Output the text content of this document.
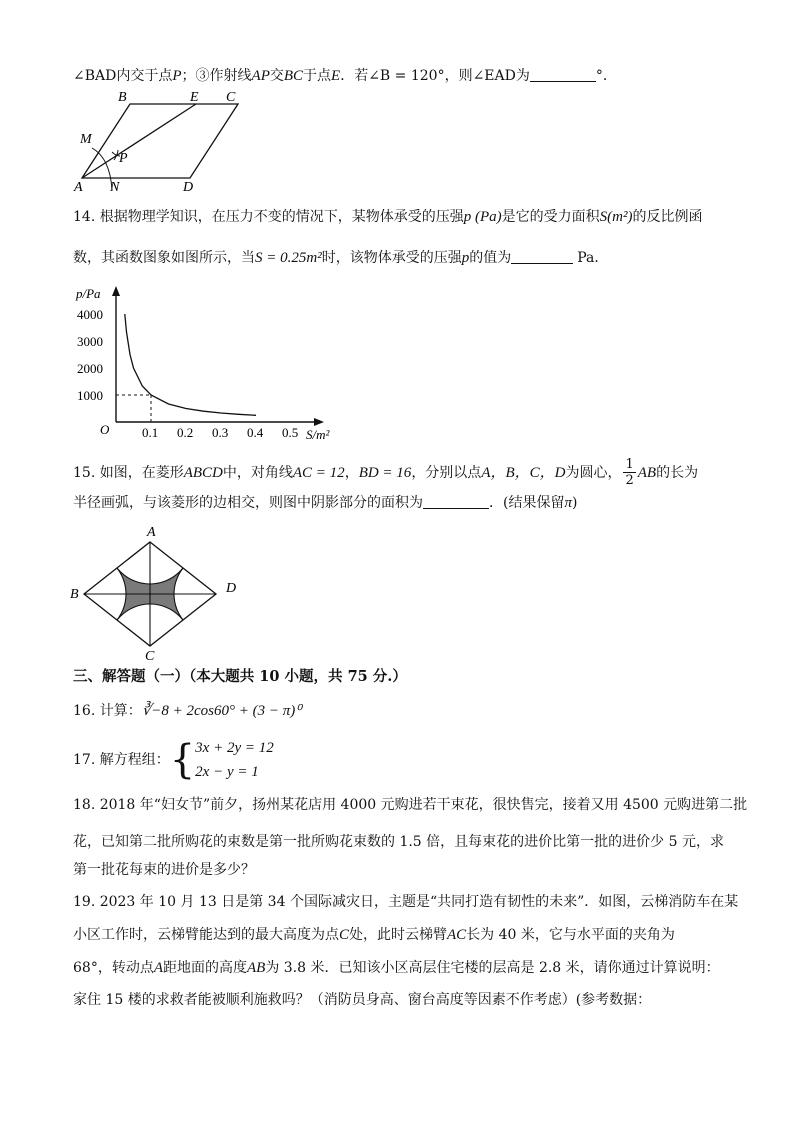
∠BAD内交于点P；③作射线AP交BC于点E．若∠B = 120°，则∠EAD为	°．
B	E C
M
P
A N	D
14. 根据物理学知识，在压力不变的情况下，某物体承受的压强p (Pa)是它的受力面积S(m²)的反比例函
数，其函数图象如图所示，当S = 0.25m²时，该物体承受的压强p的值为	Pa．
p/Pa
S/m²
O	0.1 0.2 0.3 0.4 0.5
1000
2000
3000
4000
15. 如图，在菱形 ABCD 中，对角线 AC = 12 ， BD = 16 ，分别以点 A，B，C，D 为圆心， $\frac{1}{2}$ AB 的长为
半径画弧，与该菱形的边相交，则图中阴影部分的面积为	．(结果保留π)
A
B	D
C
三、解答题（一）（本大题共 10 小题，共 75 分.）
16. 计算：∛−8 + 2cos60° + (3 − π)⁰
17. 解方程组： { 3x + 2y = 12
2x − y = 1
18. 2018 年“妇女节”前夕，扬州某花店用 4000 元购进若干束花，很快售完，接着又用 4500 元购进第二批
花，已知第二批所购花的束数是第一批所购花束数的 1.5 倍，且每束花的进价比第一批的进价少 5 元，求
第一批花每束的进价是多少？
19. 2023 年 10 月 13 日是第 34 个国际减灾日，主题是“共同打造有韧性的未来”．如图，云梯消防车在某
小区工作时，云梯臂能达到的最大高度为点C处，此时云梯臂AC长为 40 米，它与水平面的夹角为
68°，转动点A距地面的高度AB为 3.8 米．已知该小区高层住宅楼的层高是 2.8 米，请你通过计算说明：
家住 15 楼的求救者能被顺利施救吗？（消防员身高、窗台高度等因素不作考虑）(参考数据：
